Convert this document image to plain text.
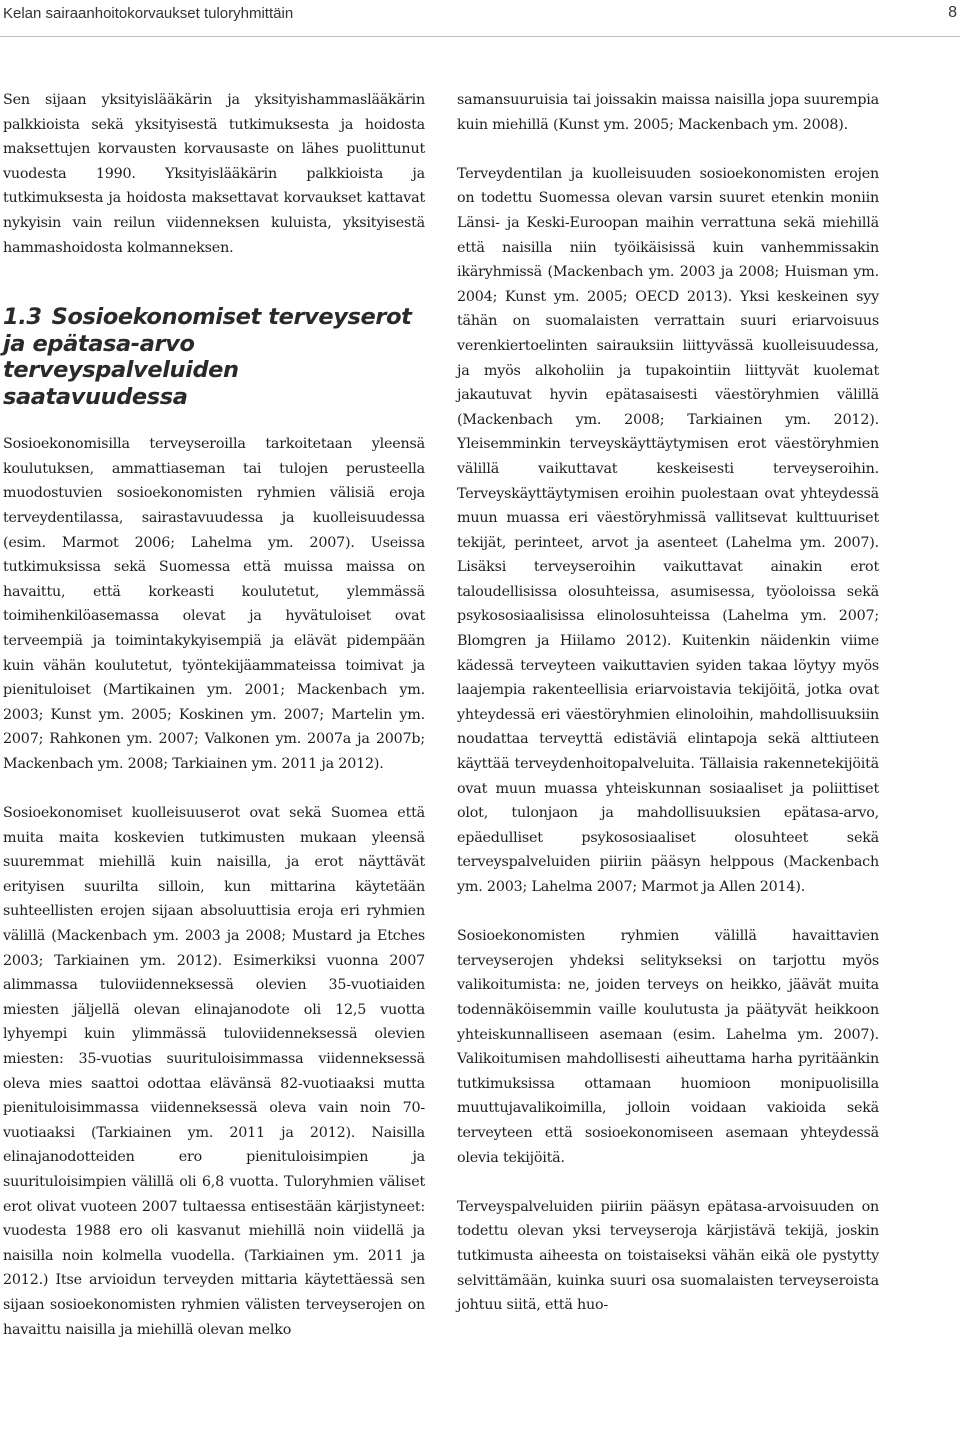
Kelan sairaanhoitokorvaukset tuloryhmittäin	8

Sen sijaan yksityislääkärin ja yksityishammaslääkärin palkkioista sekä yksityisestä tutkimuksesta ja hoidosta maksettujen korvausten korvausaste on lähes puolittunut vuodesta 1990. Yksityislääkärin palkkioista ja tutkimuksesta ja hoidosta maksettavat korvaukset kattavat nykyisin vain reilun viidenneksen kuluista, yksityisestä hammashoidosta kolmanneksen.

1.3 Sosioekonomiset terveyserot ja epätasa-arvo terveyspalveluiden saatavuudessa

Sosioekonomisilla terveyseroilla tarkoitetaan yleensä koulutuksen, ammattiaseman tai tulojen perusteella muodostuvien sosioekonomisten ryhmien välisiä eroja terveydentilassa, sairastavuudessa ja kuolleisuudessa (esim. Marmot 2006; Lahelma ym. 2007). Useissa tutkimuksissa sekä Suomessa että muissa maissa on havaittu, että korkeasti koulutetut, ylemmässä toimihenkilöasemassa olevat ja hyvätuloiset ovat terveempiä ja toimintakykyisempiä ja elävät pidempään kuin vähän koulutetut, työntekijäammateissa toimivat ja pienituloiset (Martikainen ym. 2001; Mackenbach ym. 2003; Kunst ym. 2005; Koskinen ym. 2007; Martelin ym. 2007; Rahkonen ym. 2007; Valkonen ym. 2007a ja 2007b; Mackenbach ym. 2008; Tarkiainen ym. 2011 ja 2012).

Sosioekonomiset kuolleisuuserot ovat sekä Suomea että muita maita koskevien tutkimusten mukaan yleensä suuremmat miehillä kuin naisilla, ja erot näyttävät erityisen suurilta silloin, kun mittarina käytetään suhteellisten erojen sijaan absoluuttisia eroja eri ryhmien välillä (Mackenbach ym. 2003 ja 2008; Mustard ja Etches 2003; Tarkiainen ym. 2012). Esimerkiksi vuonna 2007 alimmassa tuloviidenneksessä olevien 35-vuotiaiden miesten jäljellä olevan elinajanodote oli 12,5 vuotta lyhyempi kuin ylimmässä tuloviidenneksessä olevien miesten: 35-vuotias suurituloisimmassa viidenneksessä oleva mies saattoi odottaa elävänsä 82-vuotiaaksi mutta pienituloisimmassa viidenneksessä oleva vain noin 70-vuotiaaksi (Tarkiainen ym. 2011 ja 2012). Naisilla elinajanodotteiden ero pienituloisimpien ja suurituloisimpien välillä oli 6,8 vuotta. Tuloryhmien väliset erot olivat vuoteen 2007 tultaessa entisestään kärjistyneet: vuodesta 1988 ero oli kasvanut miehillä noin viidellä ja naisilla noin kolmella vuodella. (Tarkiainen ym. 2011 ja 2012.) Itse arvioidun terveyden mittaria käytettäessä sen sijaan sosioekonomisten ryhmien välisten terveyserojen on havaittu naisilla ja miehillä olevan melko

samansuuruisia tai joissakin maissa naisilla jopa suurempia kuin miehillä (Kunst ym. 2005; Mackenbach ym. 2008).

Terveydentilan ja kuolleisuuden sosioekonomisten erojen on todettu Suomessa olevan varsin suuret etenkin moniin Länsi- ja Keski-Euroopan maihin verrattuna sekä miehillä että naisilla niin työikäisissä kuin vanhemmissakin ikäryhmissä (Mackenbach ym. 2003 ja 2008; Huisman ym. 2004; Kunst ym. 2005; OECD 2013). Yksi keskeinen syy tähän on suomalaisten verrattain suuri eriarvoisuus verenkiertoelinten sairauksiin liittyvässä kuolleisuudessa, ja myös alkoholiin ja tupakointiin liittyvät kuolemat jakautuvat hyvin epätasaisesti väestöryhmien välillä (Mackenbach ym. 2008; Tarkiainen ym. 2012). Yleisemminkin terveyskäyttäytymisen erot väestöryhmien välillä vaikuttavat keskeisesti terveyseroihin. Terveyskäyttäytymisen eroihin puolestaan ovat yhteydessä muun muassa eri väestöryhmissä vallitsevat kulttuuriset tekijät, perinteet, arvot ja asenteet (Lahelma ym. 2007). Lisäksi terveyseroihin vaikuttavat ainakin erot taloudellisissa olosuhteissa, asumisessa, työoloissa sekä psykososiaalisissa elinolosuhteissa (Lahelma ym. 2007; Blomgren ja Hiilamo 2012). Kuitenkin näidenkin viime kädessä terveyteen vaikuttavien syiden takaa löytyy myös laajempia rakenteellisia eriarvoistavia tekijöitä, jotka ovat yhteydessä eri väestöryhmien elinoloihin, mahdollisuuksiin noudattaa terveyttä edistäviä elintapoja sekä alttiuteen käyttää terveydenhoitopalveluita. Tällaisia rakennetekijöitä ovat muun muassa yhteiskunnan sosiaaliset ja poliittiset olot, tulonjaon ja mahdollisuuksien epätasa-arvo, epäedulliset psykososiaaliset olosuhteet sekä terveyspalveluiden piiriin pääsyn helppous (Mackenbach ym. 2003; Lahelma 2007; Marmot ja Allen 2014).

Sosioekonomisten ryhmien välillä havaittavien terveyserojen yhdeksi selitykseksi on tarjottu myös valikoitumista: ne, joiden terveys on heikko, jäävät muita todennäköisemmin vaille koulutusta ja päätyvät heikkoon yhteiskunnalliseen asemaan (esim. Lahelma ym. 2007). Valikoitumisen mahdollisesti aiheuttama harha pyritäänkin tutkimuksissa ottamaan huomioon monipuolisilla muuttujavalikoimilla, jolloin voidaan vakioida sekä terveyteen että sosioekonomiseen asemaan yhteydessä olevia tekijöitä.

Terveyspalveluiden piiriin pääsyn epätasa-arvoisuuden on todettu olevan yksi terveyseroja kärjistävä tekijä, joskin tutkimusta aiheesta on toistaiseksi vähän eikä ole pystytty selvittämään, kuinka suuri osa suomalaisten terveyseroista johtuu siitä, että huo-
